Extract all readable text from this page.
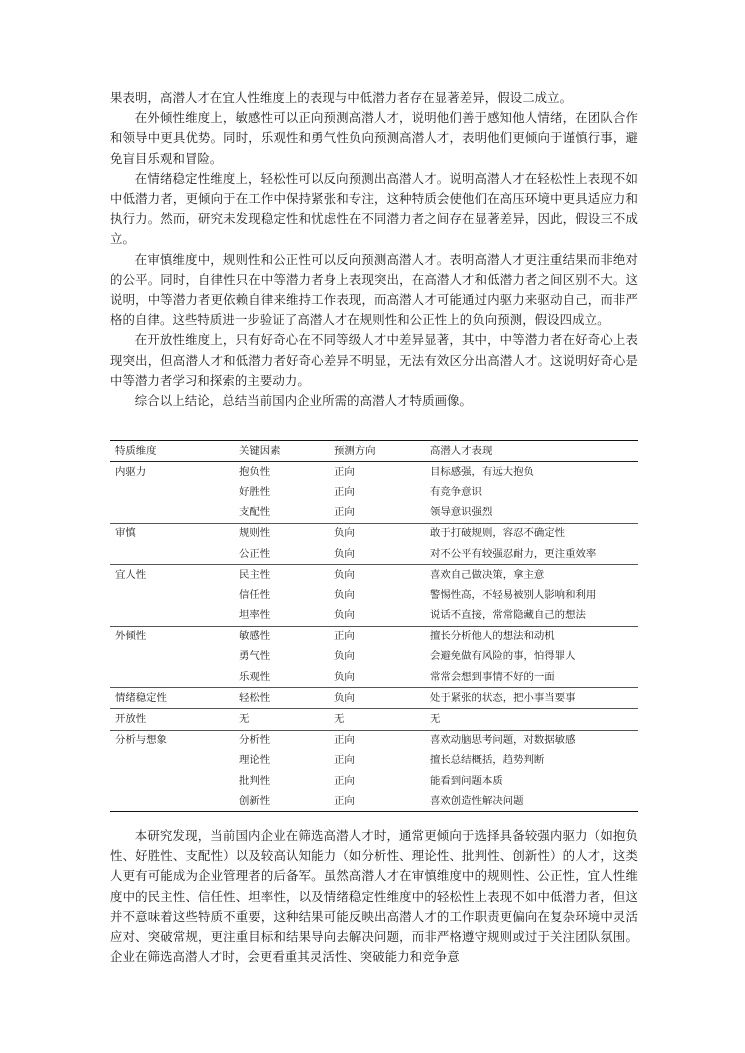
果表明，高潜人才在宜人性维度上的表现与中低潜力者存在显著差异，假设二成立。

在外倾性维度上，敏感性可以正向预测高潜人才，说明他们善于感知他人情绪，在团队合作和领导中更具优势。同时，乐观性和勇气性负向预测高潜人才，表明他们更倾向于谨慎行事，避免盲目乐观和冒险。

在情绪稳定性维度上，轻松性可以反向预测出高潜人才。说明高潜人才在轻松性上表现不如中低潜力者，更倾向于在工作中保持紧张和专注，这种特质会使他们在高压环境中更具适应力和执行力。然而，研究未发现稳定性和忧虑性在不同潜力者之间存在显著差异，因此，假设三不成立。

在审慎维度中，规则性和公正性可以反向预测高潜人才。表明高潜人才更注重结果而非绝对的公平。同时，自律性只在中等潜力者身上表现突出，在高潜人才和低潜力者之间区别不大。这说明，中等潜力者更依赖自律来维持工作表现，而高潜人才可能通过内驱力来驱动自己，而非严格的自律。这些特质进一步验证了高潜人才在规则性和公正性上的负向预测，假设四成立。

在开放性维度上，只有好奇心在不同等级人才中差异显著，其中，中等潜力者在好奇心上表现突出，但高潜人才和低潜力者好奇心差异不明显，无法有效区分出高潜人才。这说明好奇心是中等潜力者学习和探索的主要动力。

综合以上结论，总结当前国内企业所需的高潜人才特质画像。

特质维度	关键因素	预测方向	高潜人才表现
内驱力	抱负性	正向	目标感强，有远大抱负
	好胜性	正向	有竞争意识
	支配性	正向	领导意识强烈
审慎	规则性	负向	敢于打破规则，容忍不确定性
	公正性	负向	对不公平有较强忍耐力，更注重效率
宜人性	民主性	负向	喜欢自己做决策，拿主意
	信任性	负向	警惕性高，不轻易被别人影响和利用
	坦率性	负向	说话不直接，常常隐藏自己的想法
外倾性	敏感性	正向	擅长分析他人的想法和动机
	勇气性	负向	会避免做有风险的事，怕得罪人
	乐观性	负向	常常会想到事情不好的一面
情绪稳定性	轻松性	负向	处于紧张的状态，把小事当要事
开放性	无	无	无
分析与想象	分析性	正向	喜欢动脑思考问题，对数据敏感
	理论性	正向	擅长总结概括，趋势判断
	批判性	正向	能看到问题本质
	创新性	正向	喜欢创造性解决问题

本研究发现，当前国内企业在筛选高潜人才时，通常更倾向于选择具备较强内驱力（如抱负性、好胜性、支配性）以及较高认知能力（如分析性、理论性、批判性、创新性）的人才，这类人更有可能成为企业管理者的后备军。虽然高潜人才在审慎维度中的规则性、公正性，宜人性维度中的民主性、信任性、坦率性，以及情绪稳定性维度中的轻松性上表现不如中低潜力者，但这并不意味着这些特质不重要，这种结果可能反映出高潜人才的工作职责更偏向在复杂环境中灵活应对、突破常规，更注重目标和结果导向去解决问题，而非严格遵守规则或过于关注团队氛围。企业在筛选高潜人才时，会更看重其灵活性、突破能力和竞争意
